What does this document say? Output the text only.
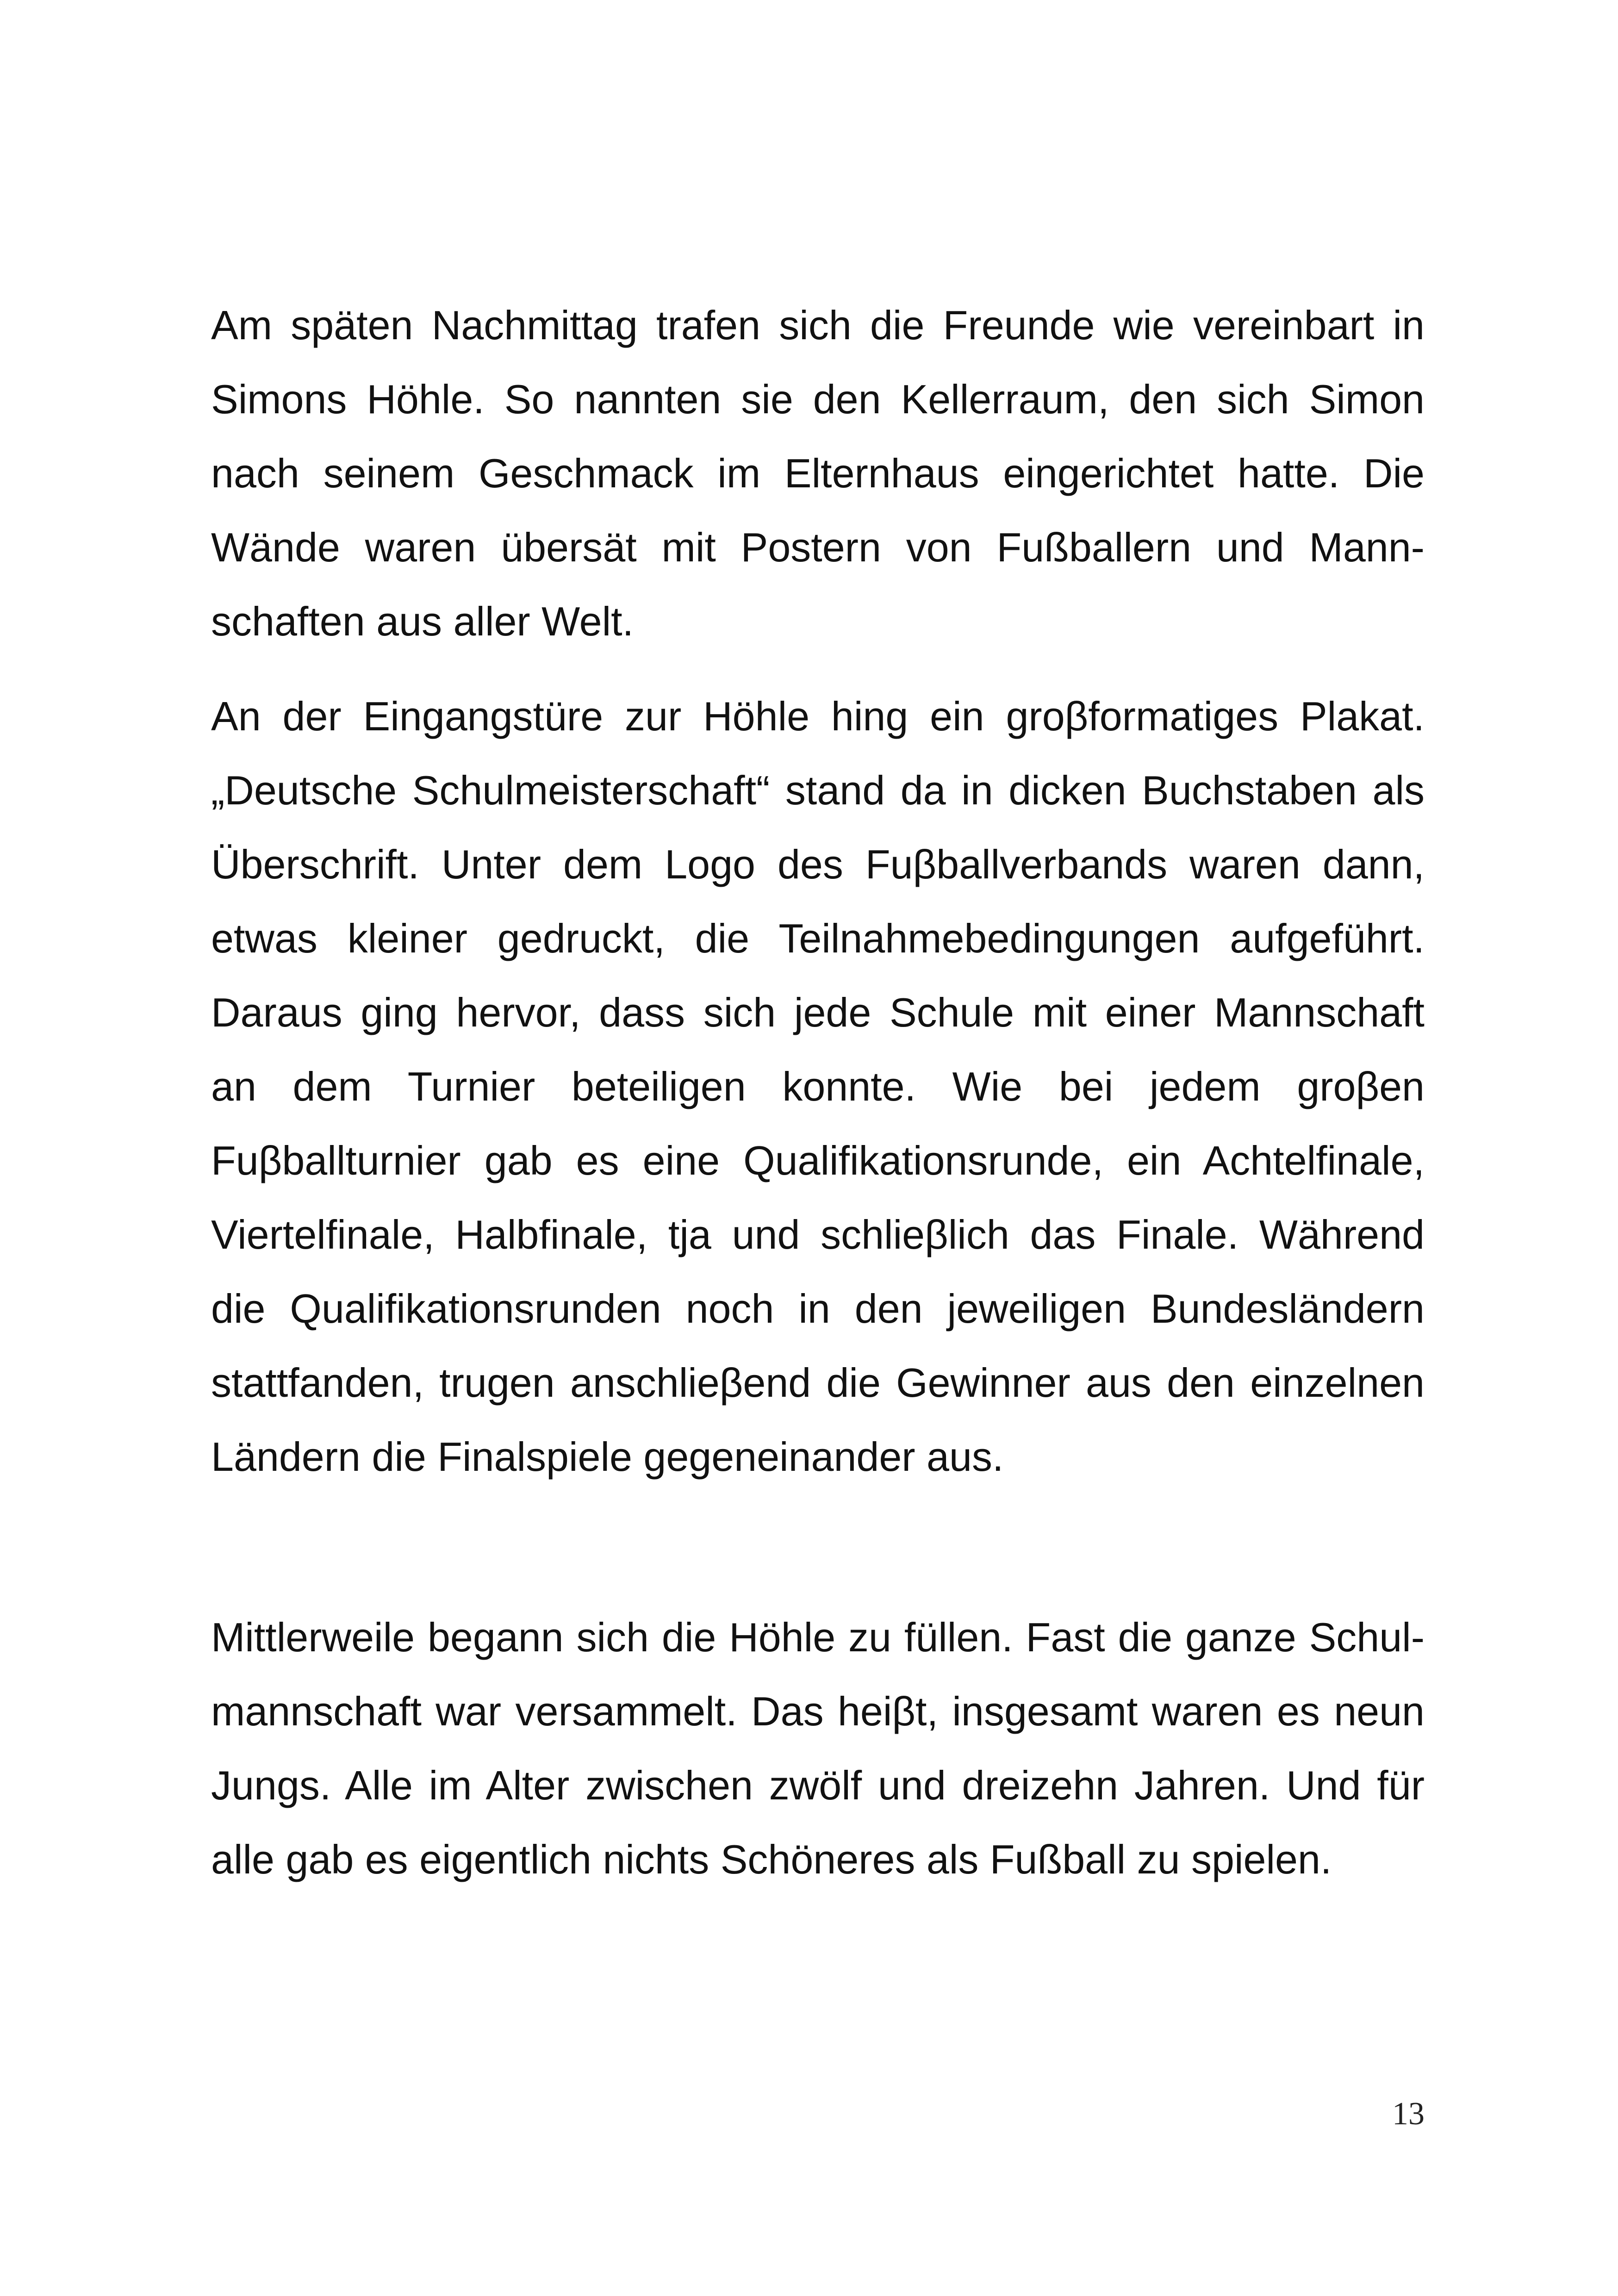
Am späten Nachmittag trafen sich die Freunde wie vereinbart in
Simons Höhle. So nannten sie den Kellerraum, den sich Simon
nach seinem Geschmack im Elternhaus eingerichtet hatte. Die
Wände waren übersät mit Postern von Fußballern und Mann-
schaften aus aller Welt.
An der Eingangstüre zur Höhle hing ein groβformatiges Plakat.
„Deutsche Schulmeisterschaft“ stand da in dicken Buchstaben als
Überschrift. Unter dem Logo des Fuβballverbands waren dann,
etwas kleiner gedruckt, die Teilnahmebedingungen aufgeführt.
Daraus ging hervor, dass sich jede Schule mit einer Mannschaft
an dem Turnier beteiligen konnte. Wie bei jedem groβen
Fuβballturnier gab es eine Qualifikationsrunde, ein Achtelfinale,
Viertelfinale, Halbfinale, tja und schlieβlich das Finale. Während
die Qualifikationsrunden noch in den jeweiligen Bundesländern
stattfanden, trugen anschlieβend die Gewinner aus den einzelnen
Ländern die Finalspiele gegeneinander aus.
Mittlerweile begann sich die Höhle zu füllen. Fast die ganze Schul-
mannschaft war versammelt. Das heiβt, insgesamt waren es neun
Jungs. Alle im Alter zwischen zwölf und dreizehn Jahren. Und für
alle gab es eigentlich nichts Schöneres als Fußball zu spielen.
13
